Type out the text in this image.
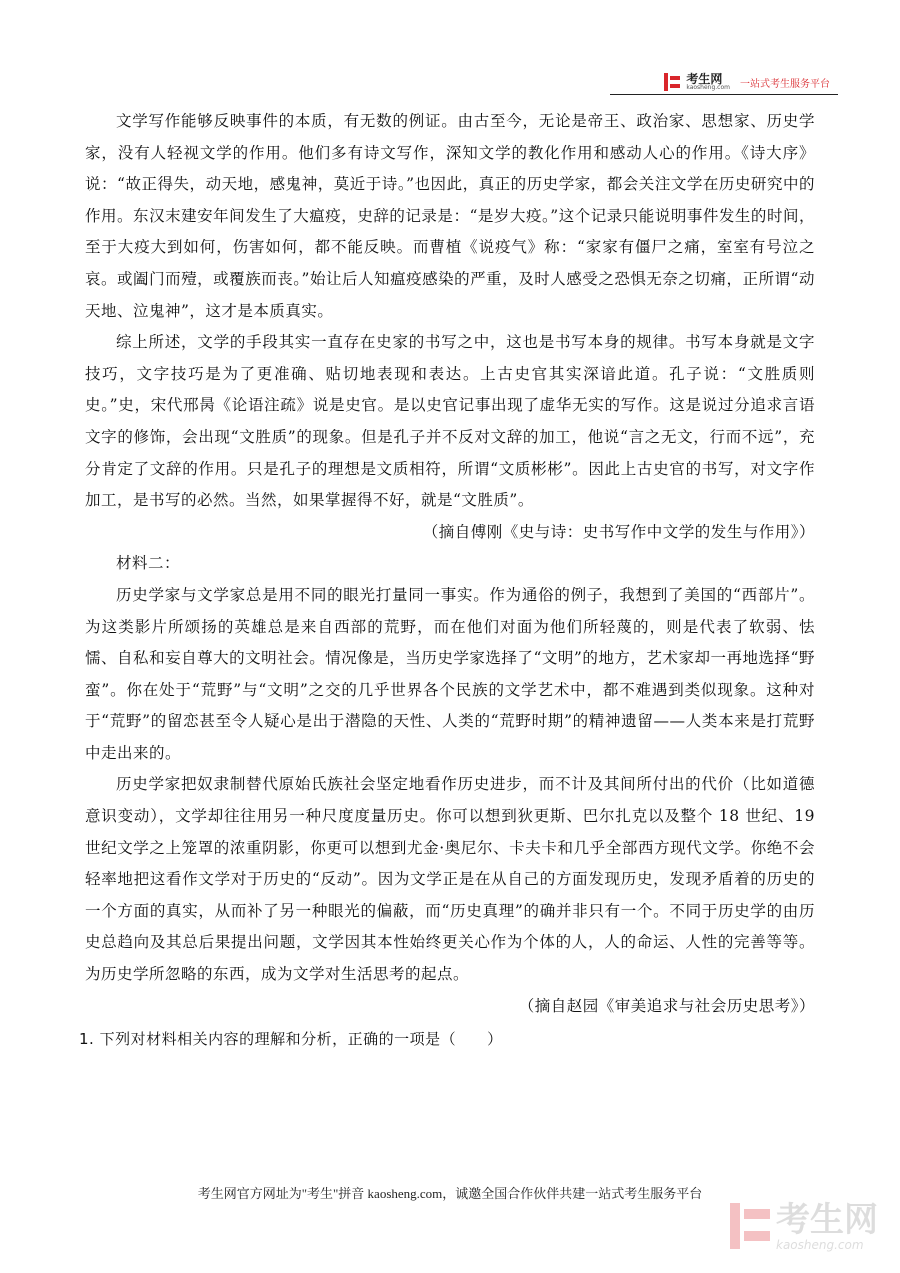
考生网
kaosheng.com 一站式考生服务平台

文学写作能够反映事件的本质，有无数的例证。由古至今，无论是帝王、政治家、思想家、历史学家，没有人轻视文学的作用。他们多有诗文写作，深知文学的教化作用和感动人心的作用。《诗大序》说：“故正得失，动天地，感鬼神，莫近于诗。”也因此，真正的历史学家，都会关注文学在历史研究中的作用。东汉末建安年间发生了大瘟疫，史辞的记录是：“是岁大疫。”这个记录只能说明事件发生的时间，至于大疫大到如何，伤害如何，都不能反映。而曹植《说疫气》称：“家家有僵尸之痛，室室有号泣之哀。或阖门而殪，或覆族而丧。”始让后人知瘟疫感染的严重，及时人感受之恐惧无奈之切痛，正所谓“动天地、泣鬼神”，这才是本质真实。

综上所述，文学的手段其实一直存在史家的书写之中，这也是书写本身的规律。书写本身就是文字技巧，文字技巧是为了更准确、贴切地表现和表达。上古史官其实深谙此道。孔子说：“文胜质则史。”史，宋代邢昺《论语注疏》说是史官。是以史官记事出现了虚华无实的写作。这是说过分追求言语文字的修饰，会出现“文胜质”的现象。但是孔子并不反对文辞的加工，他说“言之无文，行而不远”，充分肯定了文辞的作用。只是孔子的理想是文质相符，所谓“文质彬彬”。因此上古史官的书写，对文字作加工，是书写的必然。当然，如果掌握得不好，就是“文胜质”。

（摘自傅刚《史与诗：史书写作中文学的发生与作用》）

材料二：

历史学家与文学家总是用不同的眼光打量同一事实。作为通俗的例子，我想到了美国的“西部片”。为这类影片所颂扬的英雄总是来自西部的荒野，而在他们对面为他们所轻蔑的，则是代表了软弱、怯懦、自私和妄自尊大的文明社会。情况像是，当历史学家选择了“文明”的地方，艺术家却一再地选择“野蛮”。你在处于“荒野”与“文明”之交的几乎世界各个民族的文学艺术中，都不难遇到类似现象。这种对于“荒野”的留恋甚至令人疑心是出于潜隐的天性、人类的“荒野时期”的精神遗留——人类本来是打荒野中走出来的。

历史学家把奴隶制替代原始氏族社会坚定地看作历史进步，而不计及其间所付出的代价（比如道德意识变动），文学却往往用另一种尺度度量历史。你可以想到狄更斯、巴尔扎克以及整个 18 世纪、19 世纪文学之上笼罩的浓重阴影，你更可以想到尤金·奥尼尔、卡夫卡和几乎全部西方现代文学。你绝不会轻率地把这看作文学对于历史的“反动”。因为文学正是在从自己的方面发现历史，发现矛盾着的历史的一个方面的真实，从而补了另一种眼光的偏蔽，而“历史真理”的确并非只有一个。不同于历史学的由历史总趋向及其总后果提出问题，文学因其本性始终更关心作为个体的人，人的命运、人性的完善等等。为历史学所忽略的东西，成为文学对生活思考的起点。

（摘自赵园《审美追求与社会历史思考》）

1. 下列对材料相关内容的理解和分析，正确的一项是（　　）

考生网官方网址为"考生"拼音 kaosheng.com，诚邀全国合作伙伴共建一站式考生服务平台
考生网
kaosheng.com
